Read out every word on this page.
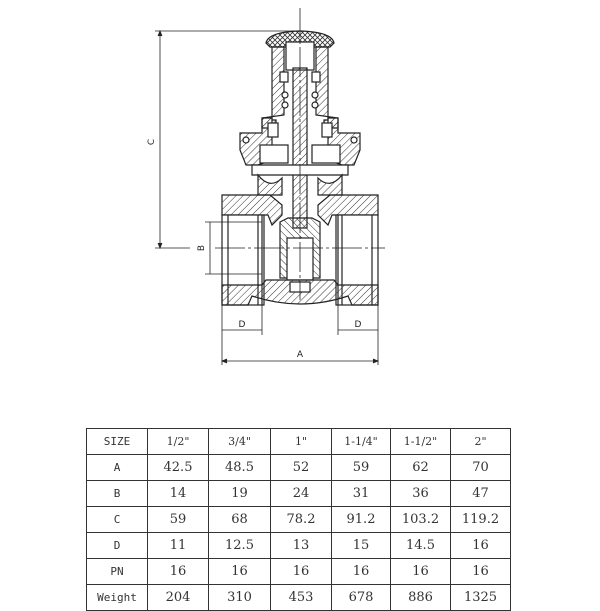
C
B
D	D
A
SIZE	1/2"	3/4"	1"	1-1/4"	1-1/2"	2"
A	42.5	48.5	52	59	62	70
B	14	19	24	31	36	47
C	59	68	78.2	91.2	103.2	119.2
D	11	12.5	13	15	14.5	16
PN	16	16	16	16	16	16
Weight	204	310	453	678	886	1325
